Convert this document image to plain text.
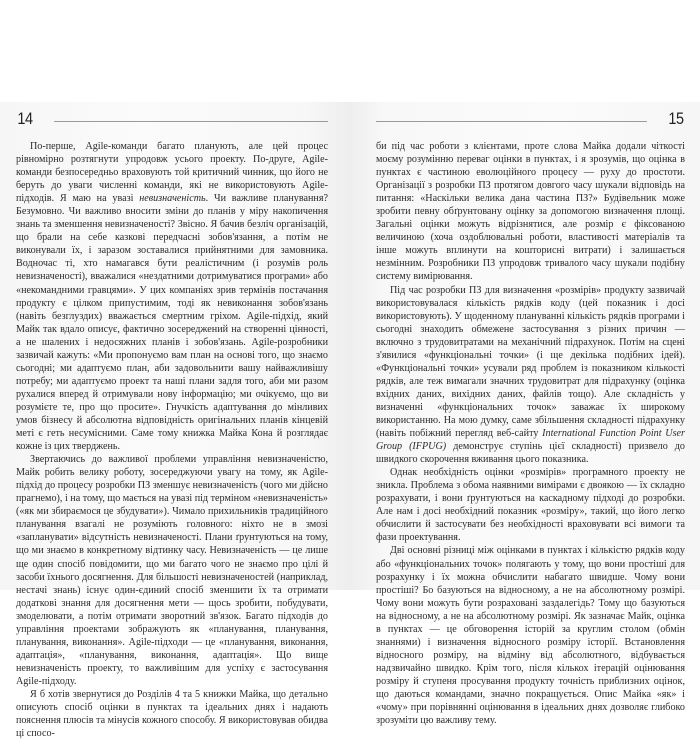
14

По-перше, Agile-команди багато планують, але цей процес рівномірно розтягнути упродовж усього проекту. По-друге, Agile-команди безпосередньо враховують той критичний чинник, що його не беруть до уваги численні команди, які не використовують Agile-підходів. Я маю на увазі невизначеність. Чи важливе планування? Безумовно. Чи важливо вносити зміни до планів у міру накопичення знань та зменшення невизначеності? Звісно. Я бачив безліч організацій, що брали на себе казкові передчасні зобов'язання, а потім не виконували їх, і заразом зоставалися прийнятними для замовника. Водночас ті, хто намагався бути реалістичним (і розумів роль невизначеності), вважалися «нездатними дотримуватися програми» або «некомандними гравцями». У цих компаніях зрив термінів постачання продукту є цілком припустимим, тоді як невиконання зобов'язань (навіть безглуздих) вважається смертним гріхом. Agile-підхід, який Майк так вдало описує, фактично зосереджений на створенні цінності, а не шалених і недосяжних планів і зобов'язань. Agile-розробники зазвичай кажуть: «Ми пропонуємо вам план на основі того, що знаємо сьогодні; ми адаптуємо план, аби задовольнити вашу найважливішу потребу; ми адаптуємо проект та наші плани задля того, аби ми разом рухалися вперед й отримували нову інформацію; ми очікуємо, що ви розумієте те, про що просите». Гнучкість адаптування до мінливих умов бізнесу й абсолютна відповідність оригінальних планів кінцевій меті є геть несумісними. Саме тому книжка Майка Кона й розглядає кожне із цих тверджень.

Звертаючись до важливої проблеми управління невизначеністю, Майк робить велику роботу, зосереджуючи увагу на тому, як Agile-підхід до процесу розробки ПЗ зменшує невизначеність (чого ми дійсно прагнемо), і на тому, що мається на увазі під терміном «невизначеність» («як ми збираємося це збудувати»). Чимало прихильників традиційного планування взагалі не розуміють головного: ніхто не в змозі «запланувати» відсутність невизначеності. Плани ґрунтуються на тому, що ми знаємо в конкретному відтинку часу. Невизначеність — це лише ще один спосіб повідомити, що ми багато чого не знаємо про цілі й засоби їхнього досягнення. Для більшості невизначеностей (наприклад, нестачі знань) існує один-єдиний спосіб зменшити їх та отримати додаткові знання для досягнення мети — щось зробити, побудувати, змоделювати, а потім отримати зворотний зв'язок. Багато підходів до управління проектами зображують як «планування, планування, планування, виконання». Agile-підходи — це «планування, виконання, адаптація», «планування, виконання, адаптація». Що вище невизначеність проекту, то важливішим для успіху є застосування Agile-підходу.

Я б хотів звернутися до Розділів 4 та 5 книжки Майка, що детально описують спосіб оцінки в пунктах та ідеальних днях і надають пояснення плюсів та мінусів кожного способу. Я використовував обидва ці спосо-

15

би під час роботи з клієнтами, проте слова Майка додали чіткості моєму розумінню переваг оцінки в пунктах, і я зрозумів, що оцінка в пунктах є частиною еволюційного процесу — руху до простоти. Організації з розробки ПЗ протягом довгого часу шукали відповідь на питання: «Наскільки велика дана частина ПЗ?» Будівельник може зробити певну обґрунтовану оцінку за допомогою визначення площі. Загальні оцінки можуть відрізнятися, але розмір є фіксованою величиною (хоча оздоблювальні роботи, властивості матеріалів та інше можуть вплинути на кошторисні витрати) і залишається незмінним. Розробники ПЗ упродовж тривалого часу шукали подібну систему вимірювання.

Під час розробки ПЗ для визначення «розмірів» продукту зазвичай використовувалася кількість рядків коду (цей показник і досі використовують). У щоденному плануванні кількість рядків програми і сьогодні знаходить обмежене застосування з різних причин — включно з трудовитратами на механічний підрахунок. Потім на сцені з'явилися «функціональні точки» (і ще декілька подібних ідей). «Функціональні точки» усували ряд проблем із показником кількості рядків, але теж вимагали значних трудовитрат для підрахунку (оцінка вхідних даних, вихідних даних, файлів тощо). Але складність у визначенні «функціональних точок» заважає їх широкому використанню. На мою думку, саме збільшення складності підрахунку (навіть побіжний перегляд веб-сайту International Function Point User Group (IFPUG) демонструє ступінь цієї складності) призвело до швидкого скорочення вживання цього показника.

Однак необхідність оцінки «розмірів» програмного проекту не зникла. Проблема з обома наявними вимірами є двоякою — їх складно розрахувати, і вони ґрунтуються на каскадному підході до розробки. Але нам і досі необхідний показник «розміру», такий, що його легко обчислити й застосувати без необхідності враховувати всі вимоги та фази проектування.

Дві основні різниці між оцінками в пунктах і кількістю рядків коду або «функціональних точок» полягають у тому, що вони простіші для розрахунку і їх можна обчислити набагато швидше. Чому вони простіші? Бо базуються на відносному, а не на абсолютному розмірі. Чому вони можуть бути розраховані заздалегідь? Тому що базуються на відносному, а не на абсолютному розмірі. Як зазначає Майк, оцінка в пунктах — це обговорення історій за круглим столом (обмін знаннями) і визначення відносного розміру історії. Встановлення відносного розміру, на відміну від абсолютного, відбувається надзвичайно швидко. Крім того, після кількох ітерацій оцінювання розміру й ступеня просування продукту точність приблизних оцінок, що даються командами, значно покращується. Опис Майка «як» і «чому» при порівнянні оцінювання в ідеальних днях дозволяє глибоко зрозуміти цю важливу тему.
